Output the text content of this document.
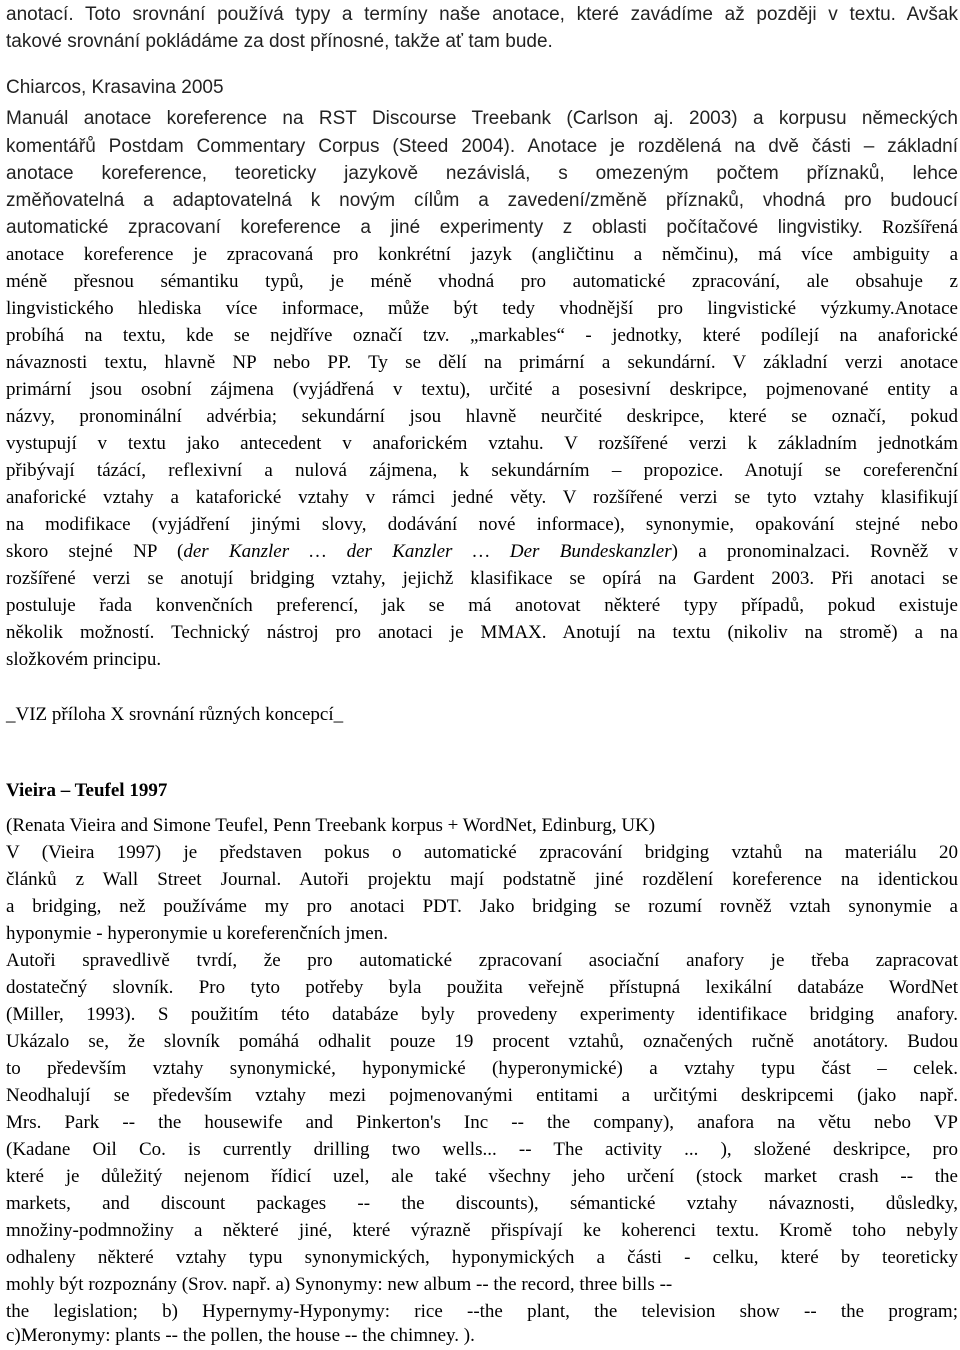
anotací. Toto srovnání používá typy a termíny naše anotace, které zavádíme až později v textu. Avšak
takové srovnání pokládáme za dost přínosné, takže ať tam bude.
Chiarcos, Krasavina 2005
Manuál anotace koreference na RST Discourse Treebank (Carlson aj. 2003) a korpusu německých
komentářů Postdam Commentary Corpus (Steed 2004). Anotace je rozdělená na dvě části – základní
anotace koreference, teoreticky jazykově nezávislá, s omezeným počtem příznaků, lehce
změňovatelná a adaptovatelná k novým cílům a zavedení/změně příznaků, vhodná pro budoucí
automatické zpracovaní koreference a jiné experimenty z oblasti počítačové lingvistiky. Rozšířená
anotace koreference je zpracovaná pro konkrétní jazyk (angličtinu a němčinu), má více ambiguity a
méně přesnou sémantiku typů, je méně vhodná pro automatické zpracování, ale obsahuje z
lingvistického hlediska více informace, může být tedy vhodnější pro lingvistické výzkumy.Anotace
probíhá na textu, kde se nejdříve označí tzv. „markables“ - jednotky, které podílejí na anaforické
návaznosti textu, hlavně NP nebo PP. Ty se dělí na primární a sekundární. V základní verzi anotace
primární jsou osobní zájmena (vyjádřená v textu), určité a posesivní deskripce, pojmenované entity a
názvy, pronominální advérbia; sekundární jsou hlavně neurčité deskripce, které se označí, pokud
vystupují v textu jako antecedent v anaforickém vztahu. V rozšířené verzi k základním jednotkám
přibývají tázácí, reflexivní a nulová zájmena, k sekundárním – propozice. Anotují se coreferenční
anaforické vztahy a kataforické vztahy v rámci jedné věty. V rozšířené verzi se tyto vztahy klasifikují
na modifikace (vyjádření jinými slovy, dodávání nové informace), synonymie, opakování stejné nebo
skoro stejné NP (der Kanzler … der Kanzler … Der Bundeskanzler) a pronominalzaci. Rovněž v
rozšířené verzi se anotují bridging vztahy, jejichž klasifikace se opírá na Gardent 2003. Při anotaci se
postuluje řada konvenčních preferencí, jak se má anotovat některé typy případů, pokud existuje
několik možností. Technický nástroj pro anotaci je MMAX. Anotují na textu (nikoliv na stromě) a na
složkovém principu.
_VIZ příloha X srovnání různých koncepcí_
Vieira – Teufel 1997
(Renata Vieira and Simone Teufel, Penn Treebank korpus + WordNet, Edinburg, UK)
V (Vieira 1997) je představen pokus o automatické zpracování bridging vztahů na materiálu 20
článků z Wall Street Journal. Autoři projektu mají podstatně jiné rozdělení koreference na identickou
a bridging, než používáme my pro anotaci PDT. Jako bridging se rozumí rovněž vztah synonymie a
hyponymie - hyperonymie u koreferenčních jmen.
Autoři spravedlivě tvrdí, že pro automatické zpracovaní asociační anafory je třeba zapracovat
dostatečný slovník. Pro tyto potřeby byla použita veřejně přístupná lexikální databáze WordNet
(Miller, 1993). S použitím této databáze byly provedeny experimenty identifikace bridging anafory.
Ukázalo se, že slovník pomáhá odhalit pouze 19 procent vztahů, označených ručně anotátory. Budou
to především vztahy synonymické, hyponymické (hyperonymické) a vztahy typu část – celek.
Neodhalují se především vztahy mezi pojmenovanými entitami a určitými deskripcemi (jako např.
Mrs. Park -- the housewife and Pinkerton's Inc -- the company), anafora na větu nebo VP
(Kadane Oil Co. is currently drilling two wells... -- The activity ... ), složené deskripce, pro
které je důležitý nejenom řídicí uzel, ale také všechny jeho určení (stock market crash -- the
markets, and discount packages -- the discounts), sémantické vztahy návaznosti, důsledky,
množiny-podmnožiny a některé jiné, které výrazně přispívají ke koherenci textu. Kromě toho nebyly
odhaleny některé vztahy typu synonymických, hyponymických a části - celku, které by teoreticky
mohly být rozpoznány (Srov. např. a) Synonymy: new album -- the record, three bills --
the legislation; b) Hypernymy-Hyponymy: rice --the plant, the television show -- the program;
c)Meronymy: plants -- the pollen, the house -- the chimney. ).
